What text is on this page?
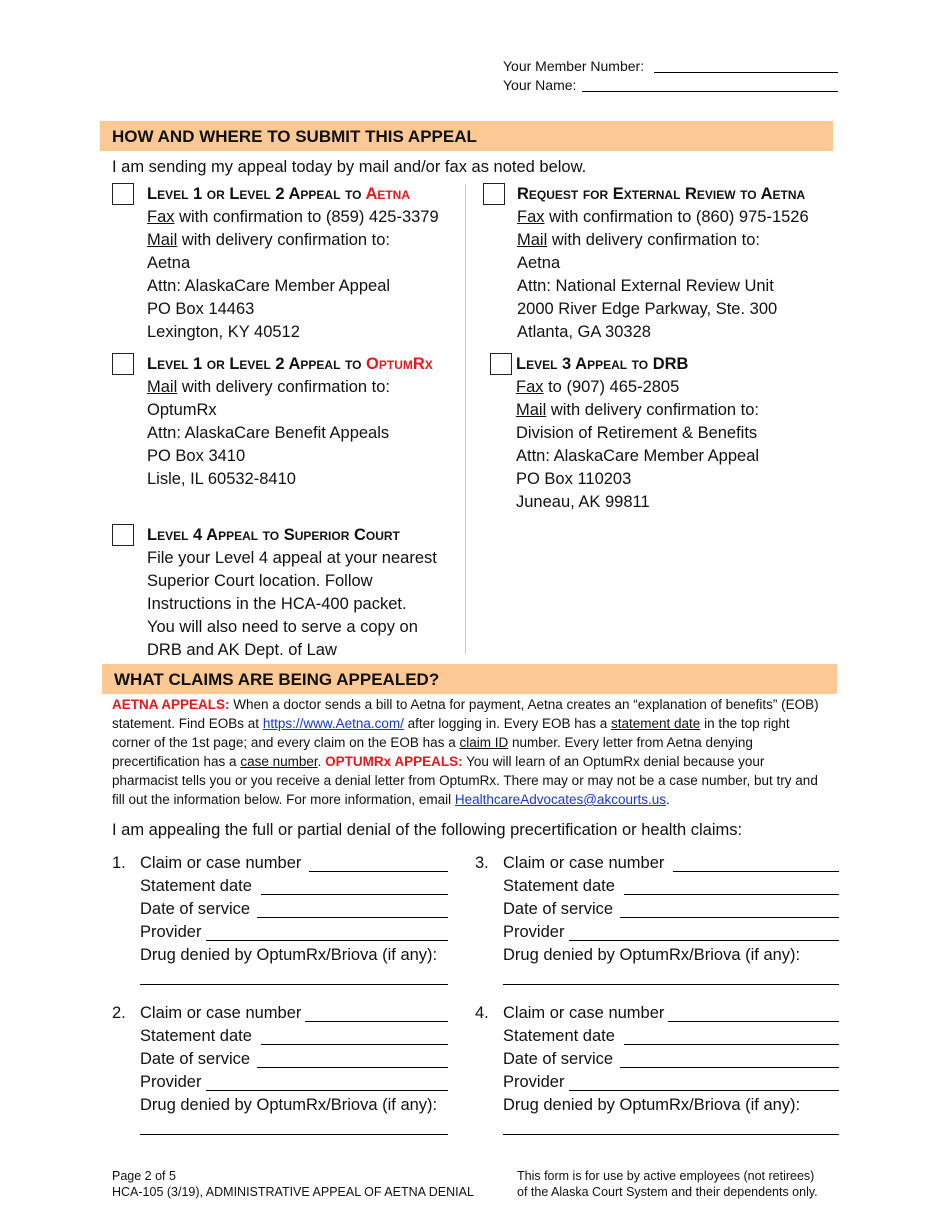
Your Member Number:
Your Name:
HOW AND WHERE TO SUBMIT THIS APPEAL
I am sending my appeal today by mail and/or fax as noted below.
Level 1 or Level 2 Appeal to Aetna
Fax with confirmation to (859) 425-3379
Mail with delivery confirmation to:
Aetna
Attn: AlaskaCare Member Appeal
PO Box 14463
Lexington, KY 40512
Request for External Review to Aetna
Fax with confirmation to (860) 975-1526
Mail with delivery confirmation to:
Aetna
Attn: National External Review Unit
2000 River Edge Parkway, Ste. 300
Atlanta, GA 30328
Level 1 or Level 2 Appeal to OptumRx
Mail with delivery confirmation to:
OptumRx
Attn: AlaskaCare Benefit Appeals
PO Box 3410
Lisle, IL 60532-8410
Level 3 Appeal to DRB
Fax to (907) 465-2805
Mail with delivery confirmation to:
Division of Retirement & Benefits
Attn: AlaskaCare Member Appeal
PO Box 110203
Juneau, AK 99811
Level 4 Appeal to Superior Court
File your Level 4 appeal at your nearest
Superior Court location. Follow
Instructions in the HCA-400 packet.
You will also need to serve a copy on
DRB and AK Dept. of Law
WHAT CLAIMS ARE BEING APPEALED?
AETNA APPEALS: When a doctor sends a bill to Aetna for payment, Aetna creates an “explanation of benefits” (EOB) statement. Find EOBs at https://www.Aetna.com/ after logging in. Every EOB has a statement date in the top right corner of the 1st page; and every claim on the EOB has a claim ID number. Every letter from Aetna denying precertification has a case number. OPTUMRx APPEALS: You will learn of an OptumRx denial because your pharmacist tells you or you receive a denial letter from OptumRx. There may or may not be a case number, but try and fill out the information below. For more information, email HealthcareAdvocates@akcourts.us.
I am appealing the full or partial denial of the following precertification or health claims:
1. Claim or case number
Statement date
Date of service
Provider
Drug denied by OptumRx/Briova (if any):
2. Claim or case number
Statement date
Date of service
Provider
Drug denied by OptumRx/Briova (if any):
3. Claim or case number
Statement date
Date of service
Provider
Drug denied by OptumRx/Briova (if any):
4. Claim or case number
Statement date
Date of service
Provider
Drug denied by OptumRx/Briova (if any):
Page 2 of 5
HCA-105 (3/19), ADMINISTRATIVE APPEAL OF AETNA DENIAL
This form is for use by active employees (not retirees)
of the Alaska Court System and their dependents only.
